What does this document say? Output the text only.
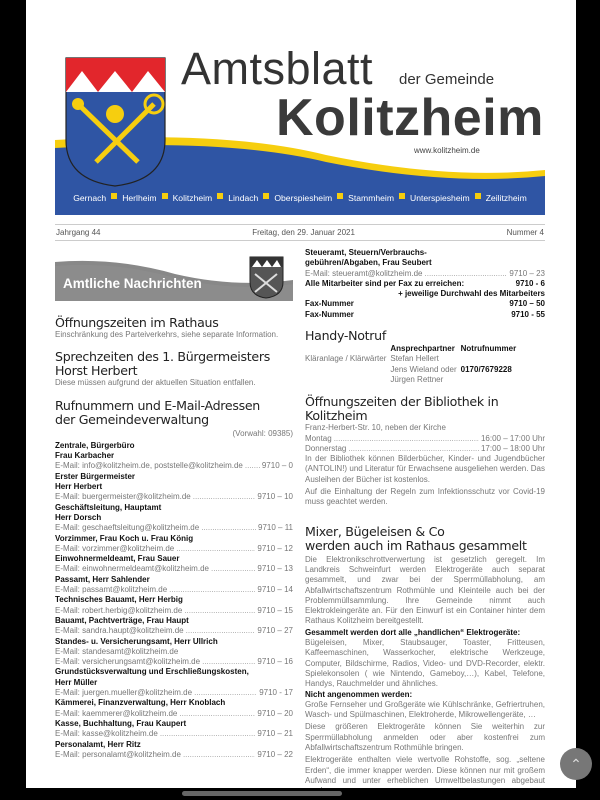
Amtsblatt der Gemeinde
Kolitzheim
www.kolitzheim.de
Gernach Herlheim Kolitzheim Lindach Oberspiesheim Stammheim Unterspiesheim Zeilitzheim
Jahrgang 44	Freitag, den 29. Januar 2021	Nummer 4
Amtliche Nachrichten
Öffnungszeiten im Rathaus
Einschränkung des Parteiverkehrs, siehe separate Information.
Sprechzeiten des 1. Bürgermeisters Horst Herbert
Diese müssen aufgrund der aktuellen Situation entfallen.
Rufnummern und E-Mail-Adressen
der Gemeindeverwaltung
(Vorwahl: 09385)
Zentrale, Bürgerbüro
Frau Karbacher
E-Mail: info@kolitzheim.de, poststelle@kolitzheim.de ..... 9710 – 0
Erster Bürgermeister
Herr Herbert
E-Mail: buergermeister@kolitzheim.de .....	9710 – 10
Geschäftsleitung, Hauptamt
Herr Dorsch
E-Mail: geschaeftsleitung@kolitzheim.de .....	9710 – 11
Vorzimmer, Frau Koch u. Frau König
E-Mail: vorzimmer@kolitzheim.de .....	9710 – 12
Einwohnermeldeamt, Frau Sauer
E-Mail: einwohnermeldeamt@kolitzheim.de .....	9710 – 13
Passamt, Herr Sahlender
E-Mail: passamt@kolitzheim.de .....	9710 – 14
Technisches Bauamt, Herr Herbig
E-Mail: robert.herbig@kolitzheim.de .....	9710 – 15
Bauamt, Pachtverträge, Frau Haupt
E-Mail: sandra.haupt@kolitzheim.de .....	9710 – 27
Standes- u. Versicherungsamt, Herr Ullrich
E-Mail: standesamt@kolitzheim.de
E-Mail: versicherungsamt@kolitzheim.de .....	9710 – 16
Grundstücksverwaltung und Erschließungskosten,
Herr Müller
E-Mail: juergen.mueller@kolitzheim.de .....	9710 - 17
Kämmerei, Finanzverwaltung, Herr Knoblach
E-Mail: kaemmerer@kolitzheim.de .....	9710 – 20
Kasse, Buchhaltung, Frau Kaupert
E-Mail: kasse@kolitzheim.de .....	9710 – 21
Personalamt, Herr Ritz
E-Mail: personalamt@kolitzheim.de .....	9710 – 22
Steueramt, Steuern/Verbrauchs-
gebühren/Abgaben, Frau Seubert
E-Mail: steueramt@kolitzheim.de .....	9710 – 23
Alle Mitarbeiter sind per Fax zu erreichen:	9710 - 6
+ jeweilige Durchwahl des Mitarbeiters
Fax-Nummer	9710 – 50
Fax-Nummer	9710 - 55
Handy-Notruf
	Ansprechpartner	Notrufnummer
Kläranlage / Klärwärter	Stefan Hellert	
	Jens Wieland oder	0170/7679228
	Jürgen Rettner	
Öffnungszeiten der Bibliothek in Kolitzheim
Franz-Herbert-Str. 10, neben der Kirche
Montag .....	16:00 – 17:00 Uhr
Donnerstag .....	17:00 – 18:00 Uhr
In der Bibliothek können Bilderbücher, Kinder- und Jugendbücher (ANTOLIN!) und Literatur für Erwachsene ausgeliehen werden. Das Ausleihen der Bücher ist kostenlos.
Auf die Einhaltung der Regeln zum Infektionsschutz vor Covid-19 muss geachtet werden.
Mixer, Bügeleisen & Co
werden auch im Rathaus gesammelt
Die Elektronikschrottverwertung ist gesetzlich geregelt. Im Landkreis Schweinfurt werden Elektrogeräte auch separat gesammelt, und zwar bei der Sperrmüllabholung, am Abfallwirtschaftszentrum Rothmühle und Kleinteile auch bei der Problemmüllsammlung. Ihre Gemeinde nimmt auch Elektrokleingeräte an. Für den Einwurf ist ein Container hinter dem Rathaus Kolitzheim bereitgestellt.
Gesammelt werden dort alle „handlichen“ Elektrogeräte:
Bügeleisen, Mixer, Staubsauger, Toaster, Fritteusen, Kaffeemaschinen, Wasserkocher, elektrische Werkzeuge, Computer, Bildschirme, Radios, Video- und DVD-Recorder, elektr. Spielekonsolen ( wie Nintendo, Gameboy,…), Kabel, Telefone, Handys, Rauchmelder und ähnliches.
Nicht angenommen werden:
Große Fernseher und Großgeräte wie Kühlschränke, Gefriertruhen, Wasch- und Spülmaschinen, Elektroherde, Mikrowellengeräte, …
Diese größeren Elektrogeräte können Sie weiterhin zur Sperrmüllabholung anmelden oder aber kostenfrei zum Abfallwirtschaftszentrum Rothmühle bringen.
Elektrogeräte enthalten viele wertvolle Rohstoffe, sog. „seltene Erden“, die immer knapper werden. Diese können nur mit großem Aufwand und unter erheblichen Umweltbelastungen abgebaut
⌃
